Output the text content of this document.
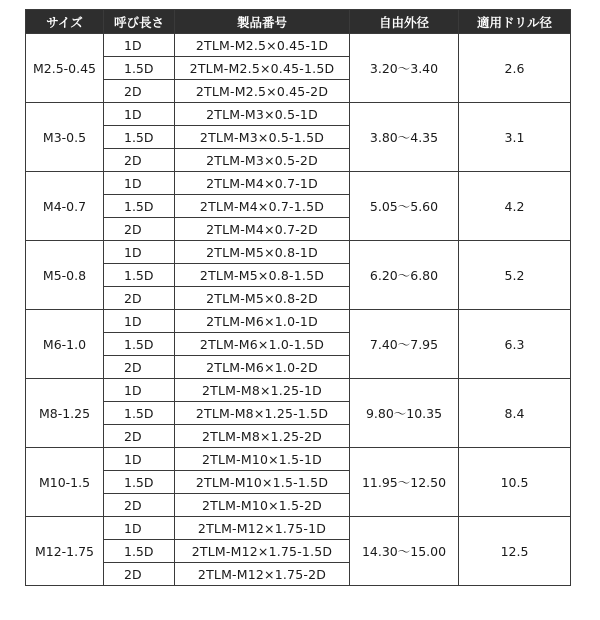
サイズ	呼び長さ	製品番号	自由外径	適用ドリル径
M2.5-0.45	1D	2TLM-M2.5×0.45-1D	3.20～3.40	2.6
	1.5D	2TLM-M2.5×0.45-1.5D		
	2D	2TLM-M2.5×0.45-2D		
M3-0.5	1D	2TLM-M3×0.5-1D	3.80～4.35	3.1
	1.5D	2TLM-M3×0.5-1.5D		
	2D	2TLM-M3×0.5-2D		
M4-0.7	1D	2TLM-M4×0.7-1D	5.05～5.60	4.2
	1.5D	2TLM-M4×0.7-1.5D		
	2D	2TLM-M4×0.7-2D		
M5-0.8	1D	2TLM-M5×0.8-1D	6.20～6.80	5.2
	1.5D	2TLM-M5×0.8-1.5D		
	2D	2TLM-M5×0.8-2D		
M6-1.0	1D	2TLM-M6×1.0-1D	7.40～7.95	6.3
	1.5D	2TLM-M6×1.0-1.5D		
	2D	2TLM-M6×1.0-2D		
M8-1.25	1D	2TLM-M8×1.25-1D	9.80～10.35	8.4
	1.5D	2TLM-M8×1.25-1.5D		
	2D	2TLM-M8×1.25-2D		
M10-1.5	1D	2TLM-M10×1.5-1D	11.95～12.50	10.5
	1.5D	2TLM-M10×1.5-1.5D		
	2D	2TLM-M10×1.5-2D		
M12-1.75	1D	2TLM-M12×1.75-1D	14.30～15.00	12.5
	1.5D	2TLM-M12×1.75-1.5D		
	2D	2TLM-M12×1.75-2D		
